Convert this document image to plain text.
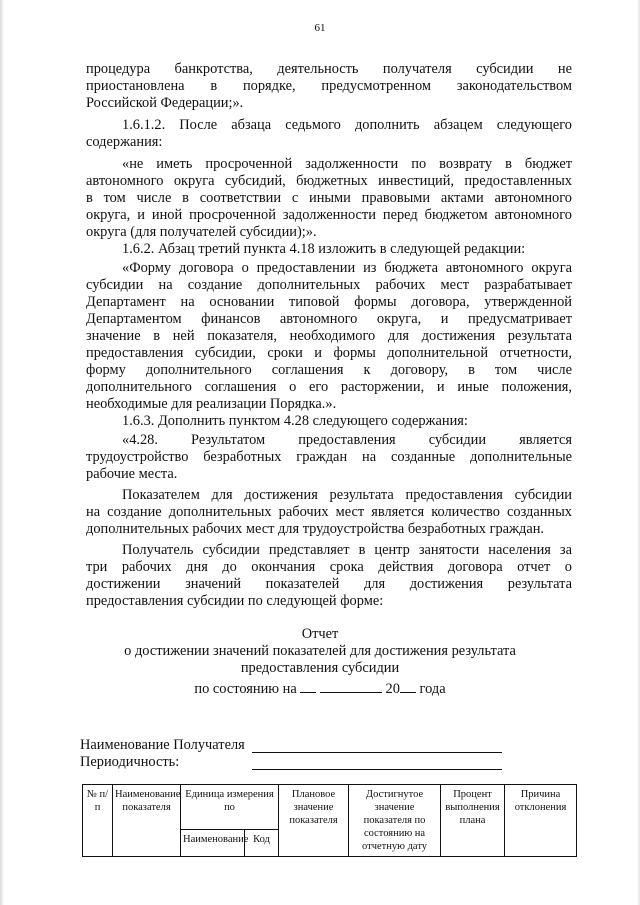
61
процедура банкротства, деятельность получателя субсидии не
приостановлена в порядке, предусмотренном законодательством
Российской Федерации;».
1.6.1.2. После абзаца седьмого дополнить абзацем следующего
содержания:
«не иметь просроченной задолженности по возврату в бюджет
автономного округа субсидий, бюджетных инвестиций, предоставленных
в том числе в соответствии с иными правовыми актами автономного
округа, и иной просроченной задолженности перед бюджетом автономного
округа (для получателей субсидии);».
1.6.2. Абзац третий пункта 4.18 изложить в следующей редакции:
«Форму договора о предоставлении из бюджета автономного округа
субсидии на создание дополнительных рабочих мест разрабатывает
Департамент на основании типовой формы договора, утвержденной
Департаментом финансов автономного округа, и предусматривает
значение в ней показателя, необходимого для достижения результата
предоставления субсидии, сроки и формы дополнительной отчетности,
форму дополнительного соглашения к договору, в том числе
дополнительного соглашения о его расторжении, и иные положения,
необходимые для реализации Порядка.».
1.6.3. Дополнить пунктом 4.28 следующего содержания:
«4.28. Результатом предоставления субсидии является
трудоустройство безработных граждан на созданные дополнительные
рабочие места.
Показателем для достижения результата предоставления субсидии
на создание дополнительных рабочих мест является количество созданных
дополнительных рабочих мест для трудоустройства безработных граждан.
Получатель субсидии представляет в центр занятости населения за
три рабочих дня до окончания срока действия договора отчет о
достижении значений показателей для достижения результата
предоставления субсидии по следующей форме:
Отчет
о достижении значений показателей для достижения результата
предоставления субсидии
по состоянию на	20 года
Наименование Получателя
Периодичность:
№ п/п	Наименование показателя	Единица измерения по		Плановое значение показателя	Достигнутое значение показателя по состоянию на отчетную дату	Процент выполнения плана	Причина отклонения
		Наименование	Код				
